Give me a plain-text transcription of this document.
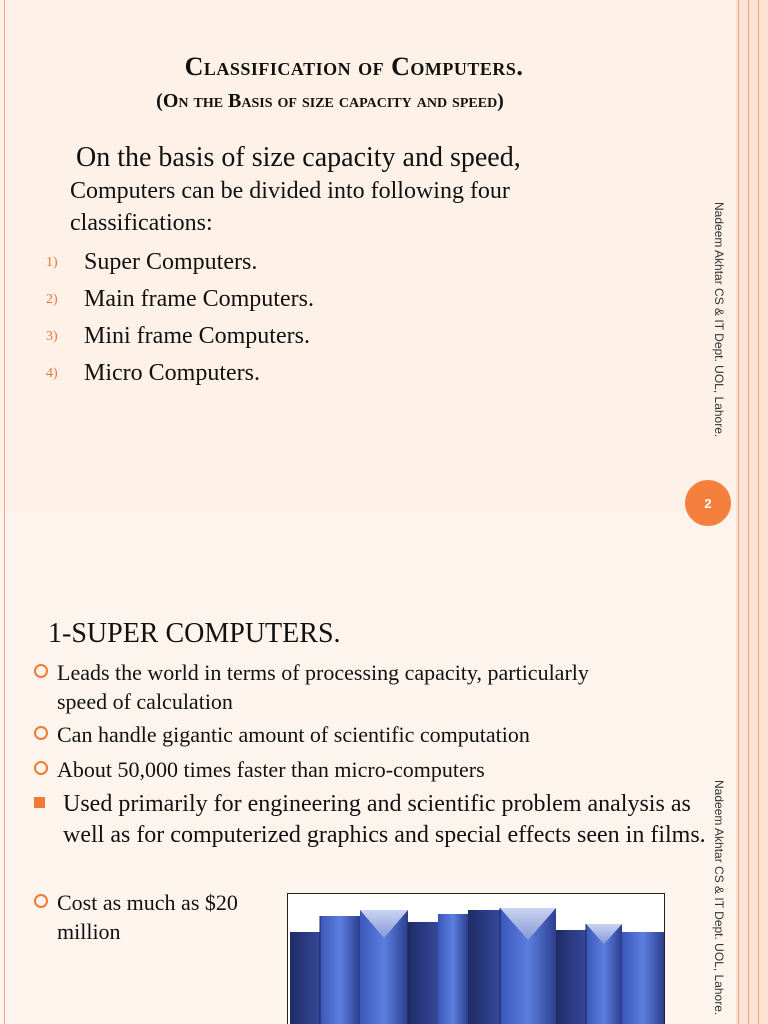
Classification of Computers.
(On the Basis of size capacity and speed)
On the basis of size capacity and speed,
Computers can be divided into following four classifications:
1)	Super Computers.
2)	Main frame Computers.
3)	Mini frame Computers.
4)	Micro Computers.	Nadeem Akhtar CS & IT Dept. UOL, Lahore.
2
1-SUPER COMPUTERS.
Leads the world in terms of processing capacity, particularly speed of calculation
Can handle gigantic amount of scientific computation
About 50,000 times faster than micro-computers
Used primarily for engineering and scientific problem analysis as well as for computerized graphics and special effects seen in films.
Cost as much as $20 million	Nadeem Akhtar CS & IT Dept. UOL, Lahore.
